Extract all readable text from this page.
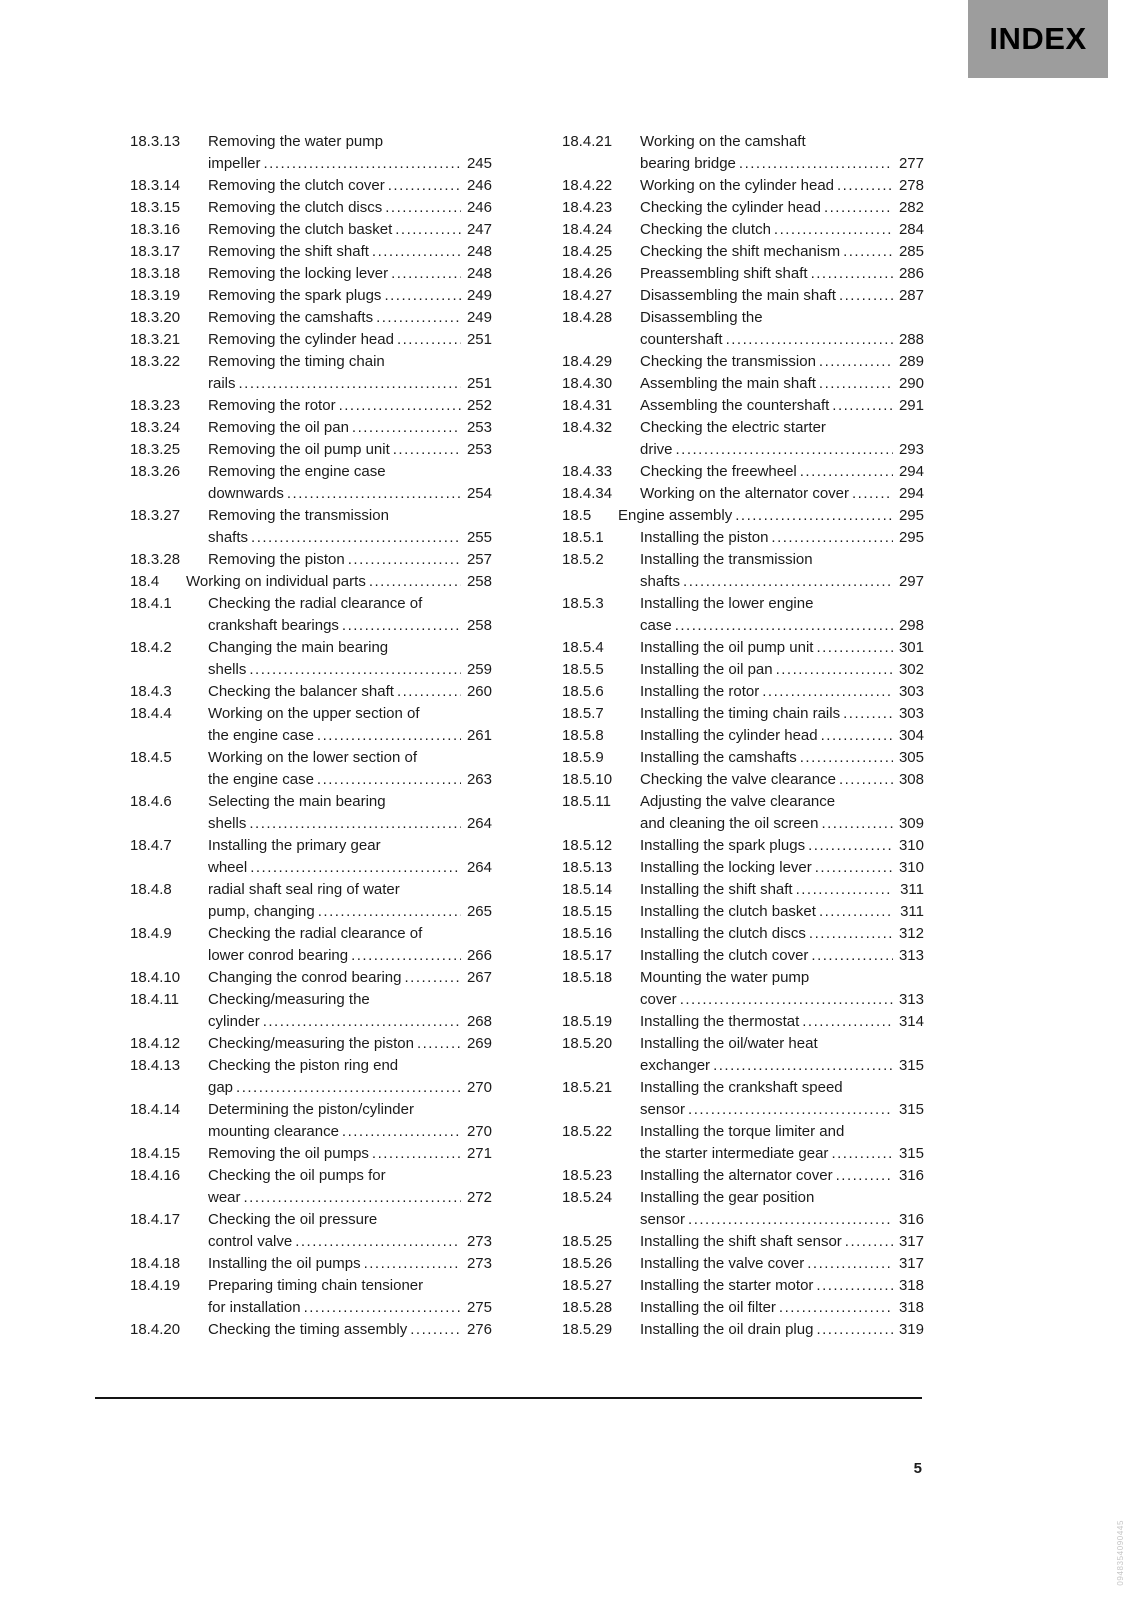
INDEX
18.3.13	Removing the water pump
impeller .....	245
18.3.14	Removing the clutch cover .....	246
18.3.15	Removing the clutch discs .....	246
18.3.16	Removing the clutch basket .....	247
18.3.17	Removing the shift shaft .....	248
18.3.18	Removing the locking lever .....	248
18.3.19	Removing the spark plugs .....	249
18.3.20	Removing the camshafts .....	249
18.3.21	Removing the cylinder head .....	251
18.3.22	Removing the timing chain
rails .....	251
18.3.23	Removing the rotor .....	252
18.3.24	Removing the oil pan .....	253
18.3.25	Removing the oil pump unit .....	253
18.3.26	Removing the engine case
downwards .....	254
18.3.27	Removing the transmission
shafts .....	255
18.3.28	Removing the piston .....	257
18.4	Working on individual parts .....	258
18.4.1	Checking the radial clearance of
crankshaft bearings .....	258
18.4.2	Changing the main bearing
shells .....	259
18.4.3	Checking the balancer shaft .....	260
18.4.4	Working on the upper section of
the engine case .....	261
18.4.5	Working on the lower section of
the engine case .....	263
18.4.6	Selecting the main bearing
shells .....	264
18.4.7	Installing the primary gear
wheel .....	264
18.4.8	radial shaft seal ring of water
pump, changing .....	265
18.4.9	Checking the radial clearance of
lower conrod bearing .....	266
18.4.10	Changing the conrod bearing .....	267
18.4.11	Checking/measuring the
cylinder .....	268
18.4.12	Checking/measuring the piston .....	269
18.4.13	Checking the piston ring end
gap .....	270
18.4.14	Determining the piston/cylinder
mounting clearance .....	270
18.4.15	Removing the oil pumps .....	271
18.4.16	Checking the oil pumps for
wear .....	272
18.4.17	Checking the oil pressure
control valve .....	273
18.4.18	Installing the oil pumps .....	273
18.4.19	Preparing timing chain tensioner
for installation .....	275
18.4.20	Checking the timing assembly .....	276
18.4.21	Working on the camshaft
bearing bridge .....	277
18.4.22	Working on the cylinder head .....	278
18.4.23	Checking the cylinder head .....	282
18.4.24	Checking the clutch .....	284
18.4.25	Checking the shift mechanism .....	285
18.4.26	Preassembling shift shaft .....	286
18.4.27	Disassembling the main shaft .....	287
18.4.28	Disassembling the
countershaft .....	288
18.4.29	Checking the transmission .....	289
18.4.30	Assembling the main shaft .....	290
18.4.31	Assembling the countershaft .....	291
18.4.32	Checking the electric starter
drive .....	293
18.4.33	Checking the freewheel .....	294
18.4.34	Working on the alternator cover .....	294
18.5	Engine assembly .....	295
18.5.1	Installing the piston .....	295
18.5.2	Installing the transmission
shafts .....	297
18.5.3	Installing the lower engine
case .....	298
18.5.4	Installing the oil pump unit .....	301
18.5.5	Installing the oil pan .....	302
18.5.6	Installing the rotor .....	303
18.5.7	Installing the timing chain rails .....	303
18.5.8	Installing the cylinder head .....	304
18.5.9	Installing the camshafts .....	305
18.5.10	Checking the valve clearance .....	308
18.5.11	Adjusting the valve clearance
and cleaning the oil screen .....	309
18.5.12	Installing the spark plugs .....	310
18.5.13	Installing the locking lever .....	310
18.5.14	Installing the shift shaft .....	311
18.5.15	Installing the clutch basket .....	311
18.5.16	Installing the clutch discs .....	312
18.5.17	Installing the clutch cover .....	313
18.5.18	Mounting the water pump
cover .....	313
18.5.19	Installing the thermostat .....	314
18.5.20	Installing the oil/water heat
exchanger .....	315
18.5.21	Installing the crankshaft speed
sensor .....	315
18.5.22	Installing the torque limiter and
the starter intermediate gear .....	315
18.5.23	Installing the alternator cover .....	316
18.5.24	Installing the gear position
sensor .....	316
18.5.25	Installing the shift shaft sensor .....	317
18.5.26	Installing the valve cover .....	317
18.5.27	Installing the starter motor .....	318
18.5.28	Installing the oil filter .....	318
18.5.29	Installing the oil drain plug .....	319
5
0948354090445
